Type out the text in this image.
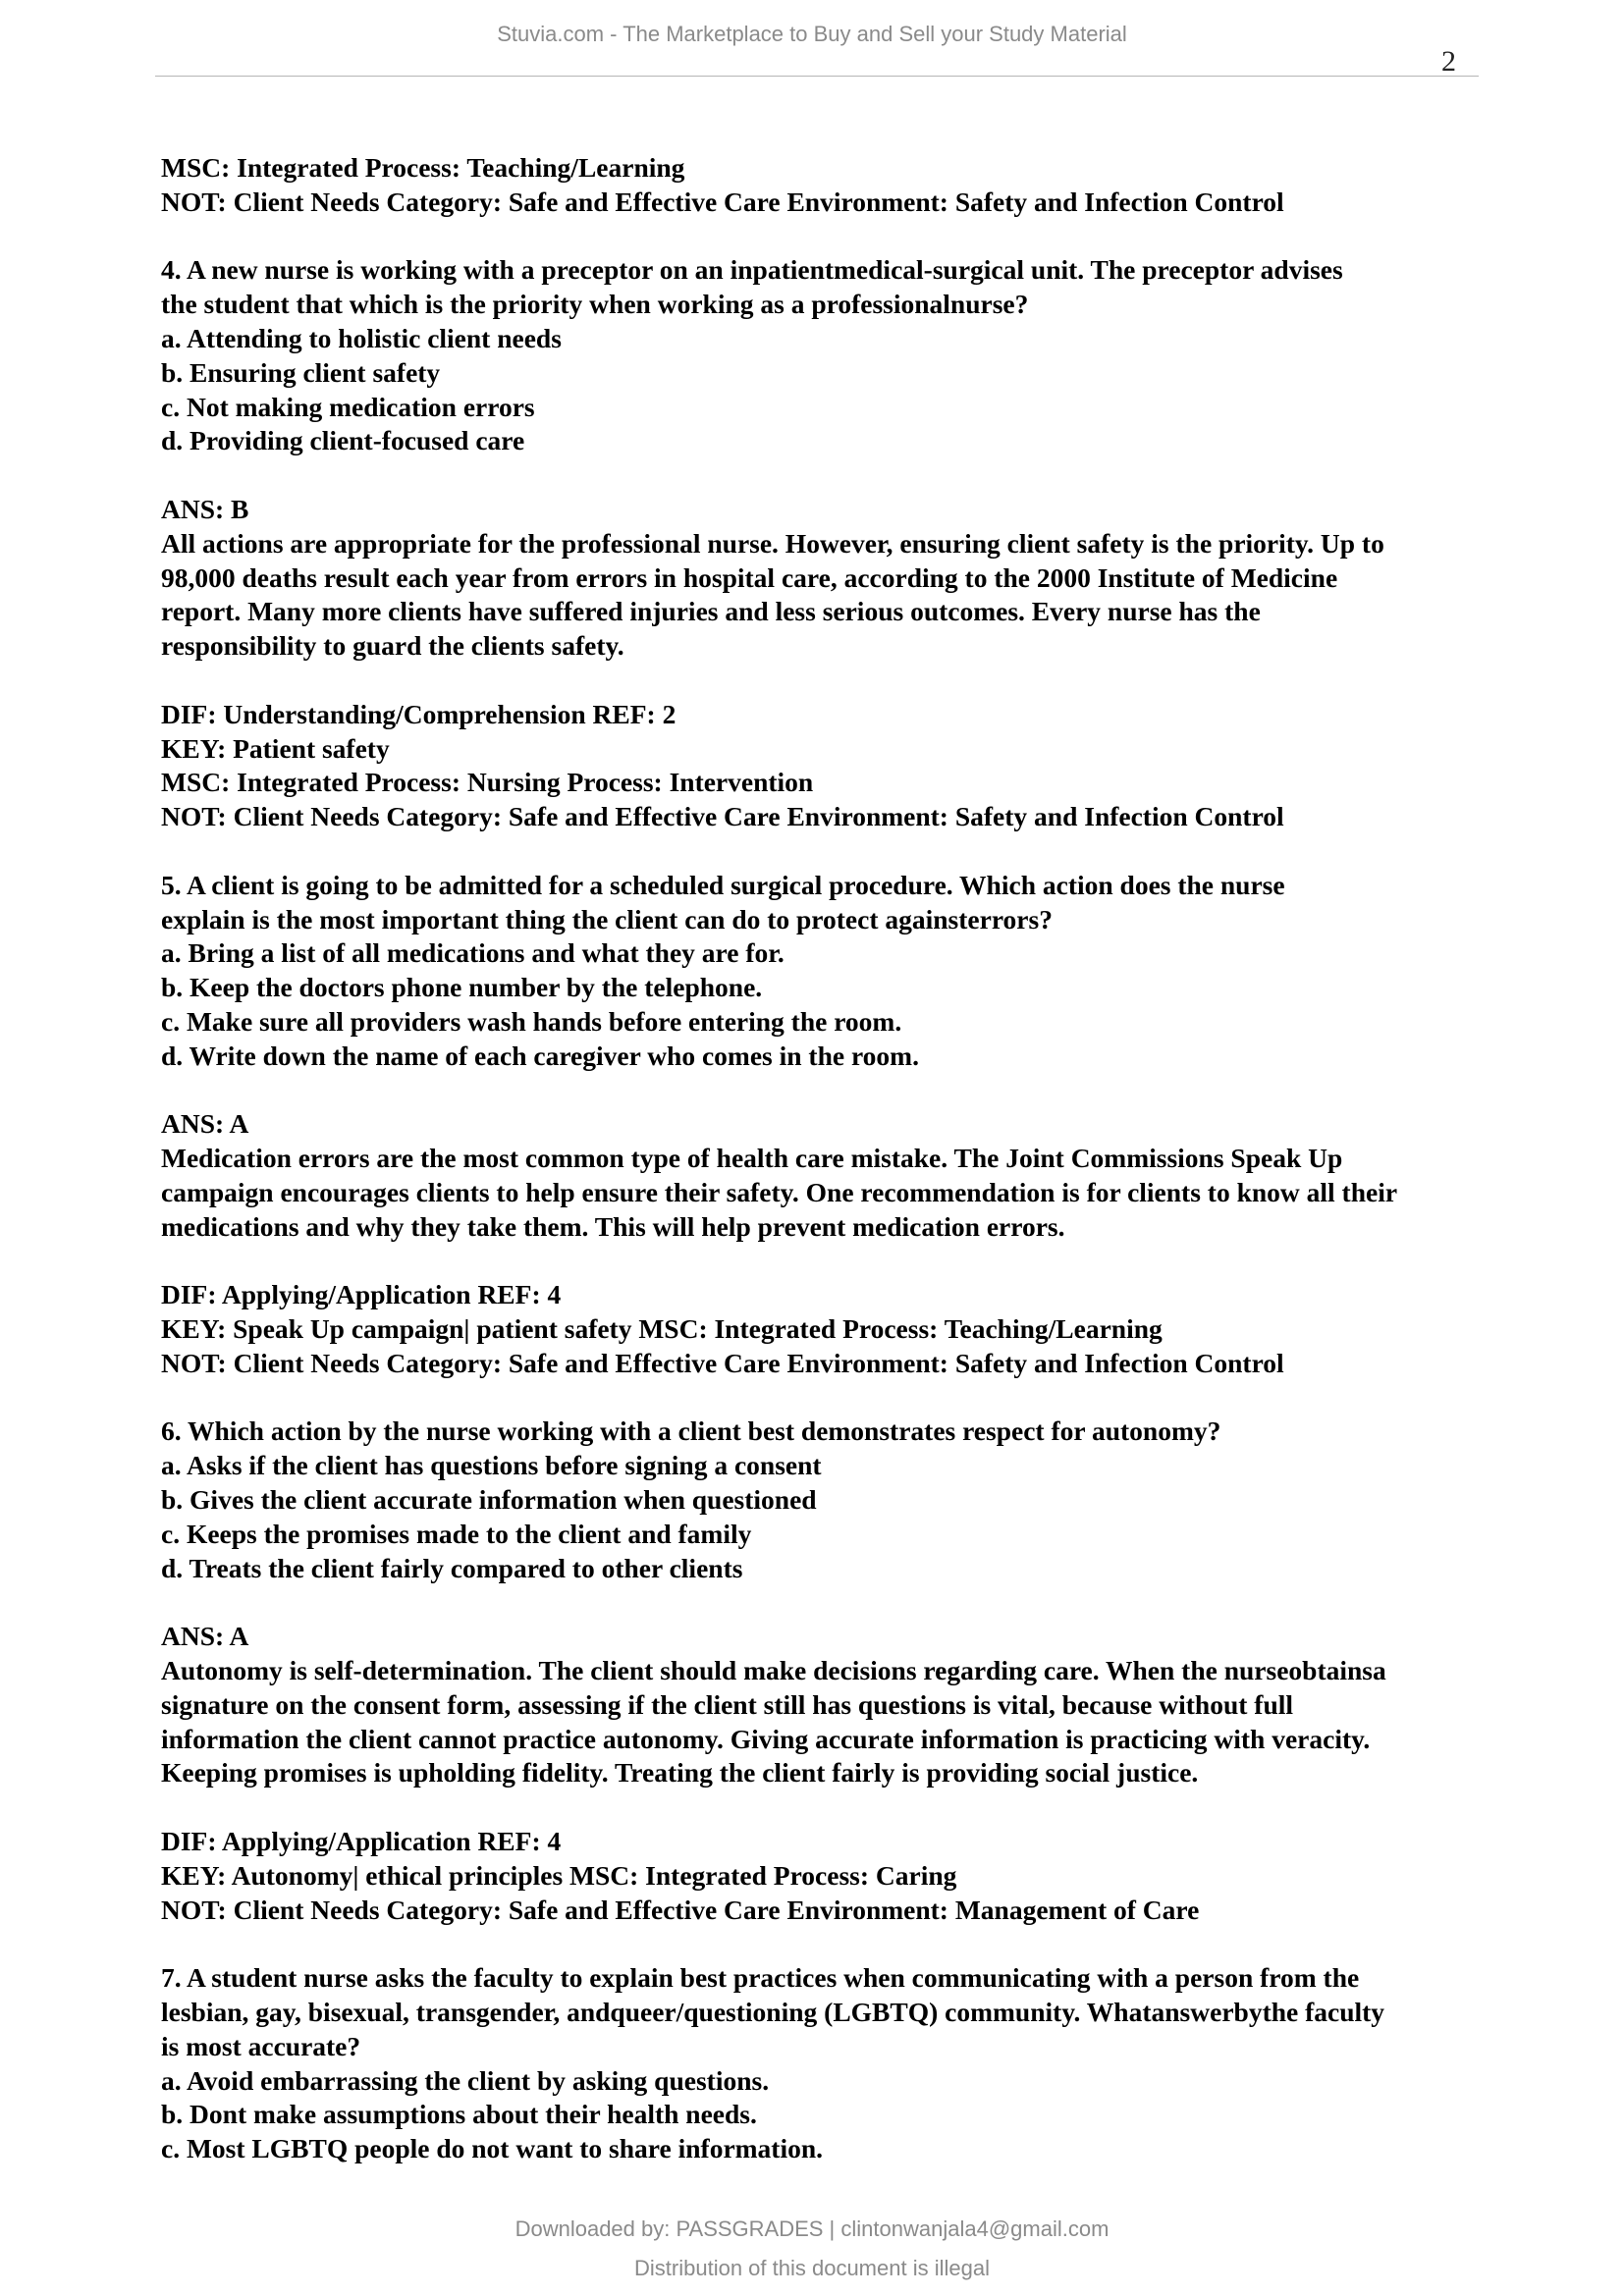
Stuvia.com - The Marketplace to Buy and Sell your Study Material
2
MSC: Integrated Process: Teaching/Learning
NOT: Client Needs Category: Safe and Effective Care Environment: Safety and Infection Control
4. A new nurse is working with a preceptor on an inpatientmedical-surgical unit. The preceptor advises
the student that which is the priority when working as a professionalnurse?
a. Attending to holistic client needs
b. Ensuring client safety
c. Not making medication errors
d. Providing client-focused care
ANS: B
All actions are appropriate for the professional nurse. However, ensuring client safety is the priority. Up to
98,000 deaths result each year from errors in hospital care, according to the 2000 Institute of Medicine
report. Many more clients have suffered injuries and less serious outcomes. Every nurse has the
responsibility to guard the clients safety.
DIF: Understanding/Comprehension REF: 2
KEY: Patient safety
MSC: Integrated Process: Nursing Process: Intervention
NOT: Client Needs Category: Safe and Effective Care Environment: Safety and Infection Control
5. A client is going to be admitted for a scheduled surgical procedure. Which action does the nurse
explain is the most important thing the client can do to protect againsterrors?
a. Bring a list of all medications and what they are for.
b. Keep the doctors phone number by the telephone.
c. Make sure all providers wash hands before entering the room.
d. Write down the name of each caregiver who comes in the room.
ANS: A
Medication errors are the most common type of health care mistake. The Joint Commissions Speak Up
campaign encourages clients to help ensure their safety. One recommendation is for clients to know all their
medications and why they take them. This will help prevent medication errors.
DIF: Applying/Application REF: 4
KEY: Speak Up campaign| patient safety MSC: Integrated Process: Teaching/Learning
NOT: Client Needs Category: Safe and Effective Care Environment: Safety and Infection Control
6. Which action by the nurse working with a client best demonstrates respect for autonomy?
a. Asks if the client has questions before signing a consent
b. Gives the client accurate information when questioned
c. Keeps the promises made to the client and family
d. Treats the client fairly compared to other clients
ANS: A
Autonomy is self-determination. The client should make decisions regarding care. When the nurseobtainsa
signature on the consent form, assessing if the client still has questions is vital, because without full
information the client cannot practice autonomy. Giving accurate information is practicing with veracity.
Keeping promises is upholding fidelity. Treating the client fairly is providing social justice.
DIF: Applying/Application REF: 4
KEY: Autonomy| ethical principles MSC: Integrated Process: Caring
NOT: Client Needs Category: Safe and Effective Care Environment: Management of Care
7. A student nurse asks the faculty to explain best practices when communicating with a person from the
lesbian, gay, bisexual, transgender, andqueer/questioning (LGBTQ) community. Whatanswerbythe faculty
is most accurate?
a. Avoid embarrassing the client by asking questions.
b. Dont make assumptions about their health needs.
c. Most LGBTQ people do not want to share information.
Downloaded by: PASSGRADES | clintonwanjala4@gmail.com
Distribution of this document is illegal
